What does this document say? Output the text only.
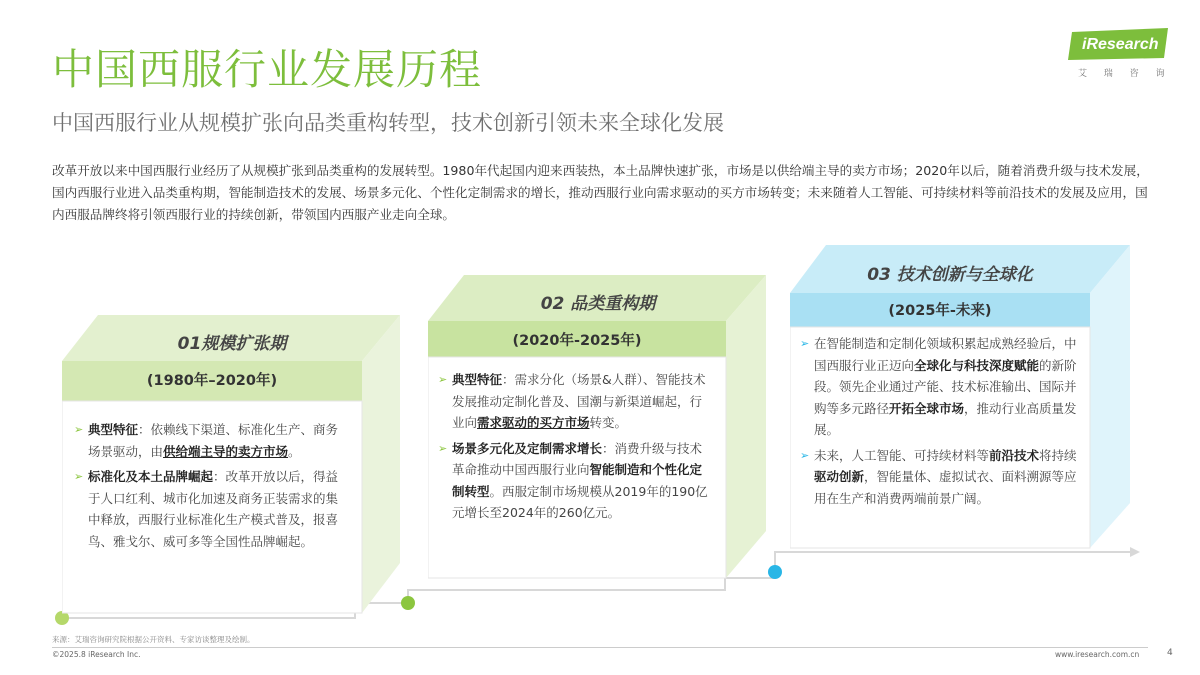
中国西服行业发展历程
中国西服行业从规模扩张向品类重构转型，技术创新引领未来全球化发展
iResearch
艾 瑞 咨 询
改革开放以来中国西服行业经历了从规模扩张到品类重构的发展转型。1980年代起国内迎来西装热，本土品牌快速扩张，市场是以供给端主导的卖方市场；2020年以后，随着消费升级与技术发展，国内西服行业进入品类重构期，智能制造技术的发展、场景多元化、个性化定制需求的增长，推动西服行业向需求驱动的买方市场转变；未来随着人工智能、可持续材料等前沿技术的发展及应用，国内西服品牌终将引领西服行业的持续创新，带领国内西服产业走向全球。
01规模扩张期
(1980年–2020年)

➢ 典型特征：依赖线下渠道、标准化生产、商务场景驱动，由供给端主导的卖方市场。

➢ 标准化及本土品牌崛起：改革开放以后，得益于人口红利、城市化加速及商务正装需求的集中释放，西服行业标准化生产模式普及，报喜鸟、雅戈尔、威可多等全国性品牌崛起。

02 品类重构期
(2020年-2025年)

➢ 典型特征：需求分化（场景&人群）、智能技术发展推动定制化普及、国潮与新渠道崛起，行业向需求驱动的买方市场转变。

➢ 场景多元化及定制需求增长：消费升级与技术革命推动中国西服行业向智能制造和个性化定制转型。西服定制市场规模从2019年的190亿元增长至2024年的260亿元。

03 技术创新与全球化
(2025年-未来)

➢ 在智能制造和定制化领域积累起成熟经验后，中国西服行业正迈向全球化与科技深度赋能的新阶段。领先企业通过产能、技术标准输出、国际并购等多元路径开拓全球市场，推动行业高质量发展。

➢ 未来，人工智能、可持续材料等前沿技术将持续驱动创新，智能量体、虚拟试衣、面料溯源等应用在生产和消费两端前景广阔。

来源：艾瑞咨询研究院根据公开资料、专家访谈整理及绘制。
©2025.8 iResearch Inc.	www.iresearch.com.cn	4
